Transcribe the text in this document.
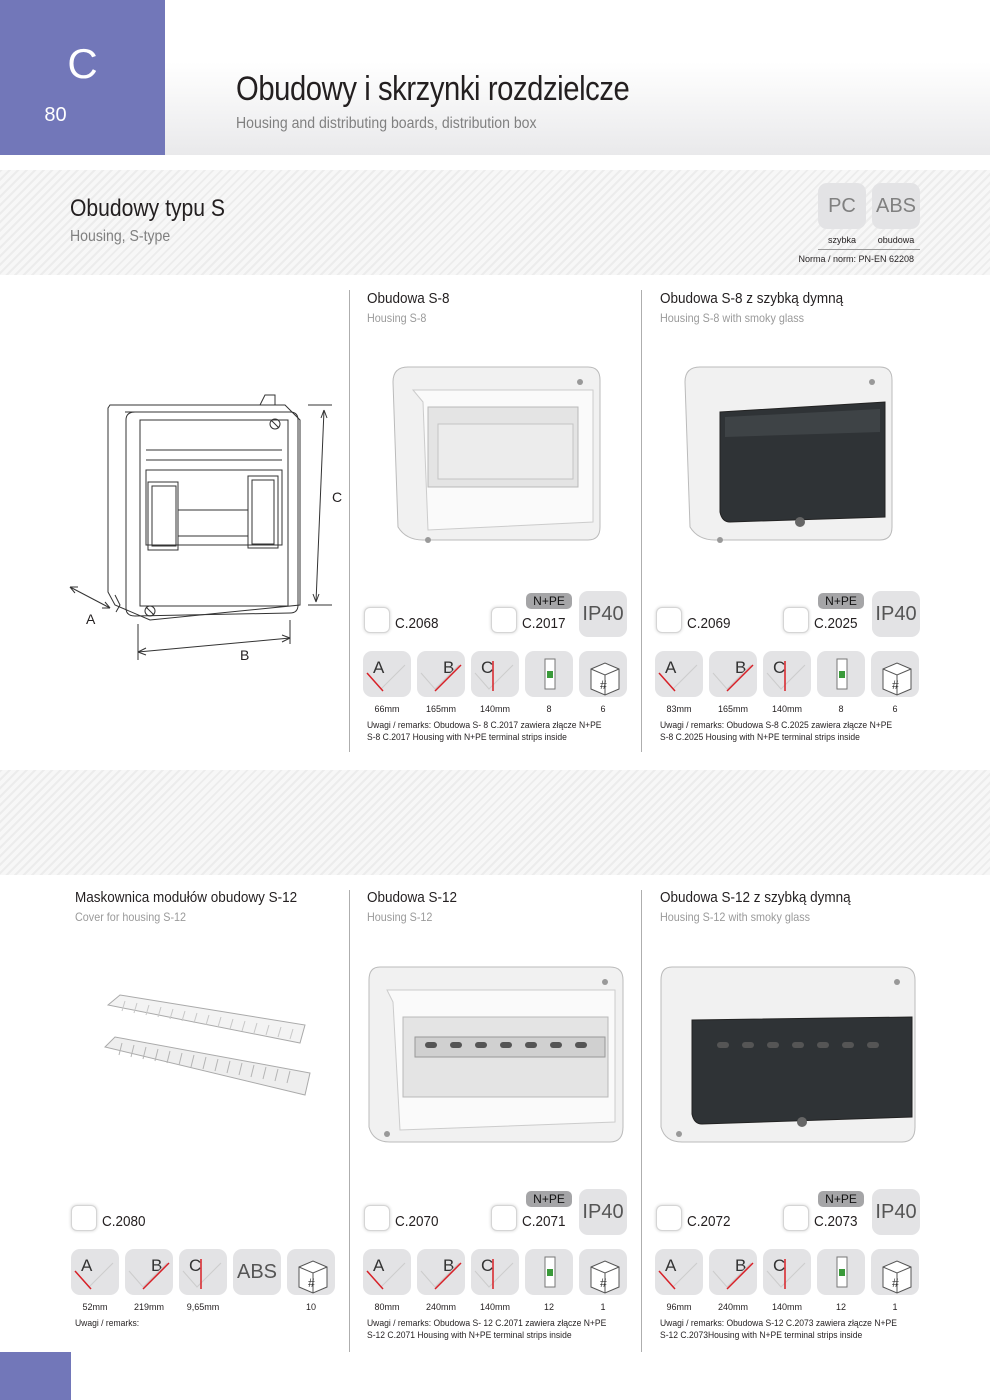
C
80
Obudowy i skrzynki rozdzielcze
Housing and distributing boards, distribution box
Obudowy typu S
Housing, S-type
PC	ABS
szybka	obudowa
Norma / norm: PN-EN 62208
C
B
A
Obudowa S-8
Housing S-8
C.2068
N+PE
C.2017 IP40
A	B C
#
66mm	165mm	140mm	8	6
Uwagi / remarks: Obudowa S- 8 C.2017 zawiera złącze N+PE
S-8 C.2017 Housing with N+PE terminal strips inside
Obudowa S-8 z szybką dymną
Housing S-8 with smoky glass
C.2069
N+PE
C.2025 IP40
A	B C
#
83mm	165mm	140mm	8	6
Uwagi / remarks: Obudowa S-8 C.2025 zawiera złącze N+PE
S-8 C.2025 Housing with N+PE terminal strips inside
Maskownica modułów obudowy S-12
Cover for housing S-12
C.2080
A	B C ABS
#
52mm	219mm	9,65mm	10
Uwagi / remarks:
Obudowa S-12
Housing S-12
C.2070
N+PE
C.2071 IP40
A	B C
#
80mm	240mm	140mm	12	1
Uwagi / remarks: Obudowa S- 12 C.2071 zawiera złącze N+PE
S-12 C.2071 Housing with N+PE terminal strips inside
Obudowa S-12 z szybką dymną
Housing S-12 with smoky glass
C.2072
N+PE
C.2073 IP40
A	B C
#
96mm	240mm	140mm	12	1
Uwagi / remarks: Obudowa S-12 C.2073 zawiera złącze N+PE
S-12 C.2073Housing with N+PE terminal strips inside
